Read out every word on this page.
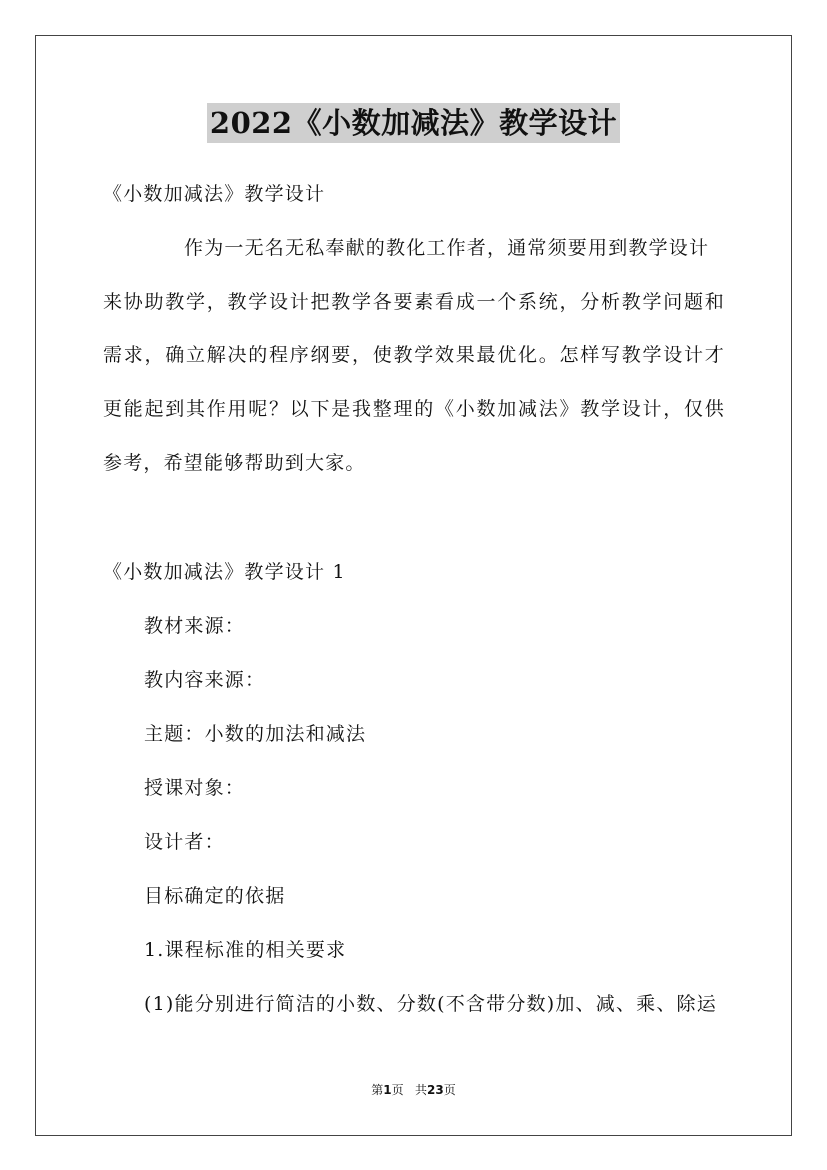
2022《小数加减法》教学设计
《小数加减法》教学设计
作为一无名无私奉献的教化工作者，通常须要用到教学设计
来协助教学，教学设计把教学各要素看成一个系统，分析教学问题和
需求，确立解决的程序纲要，使教学效果最优化。怎样写教学设计才
更能起到其作用呢？以下是我整理的《小数加减法》教学设计，仅供
参考，希望能够帮助到大家。
《小数加减法》教学设计 1
教材来源：
教内容来源：
主题：小数的加法和减法
授课对象：
设计者：
目标确定的依据
1.课程标准的相关要求
(1)能分别进行简洁的小数、分数(不含带分数)加、减、乘、除运
第1页   共23页
